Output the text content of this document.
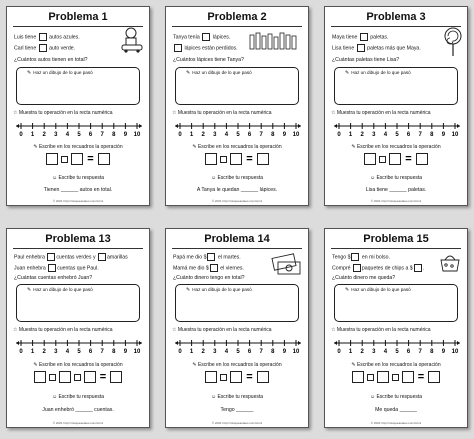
Problema 1
Luis tiene autos azules.
Carl tiene auto verde.
¿Cuántos autos tienen en total?
✎ Haz un dibujo de lo que pasó
☆ Muestra tu operación en la recta numérica
0 1 2 3 4 5 6 7 8 9 10
✎ Escribe en los recuadros la operación
=
☺ Escribe tu respuesta
Tienen ______ autos en total.
© 2021 http://misqueaulaes.com/mimi
Problema 2
Tanya tenía lápices.
lápices están perdidos.
¿Cuántos lápices tiene Tanya?
✎ Haz un dibujo de lo que pasó
☆ Muestra tu operación en la recta numérica
0 1 2 3 4 5 6 7 8 9 10
✎ Escribe en los recuadros la operación
=
☺ Escribe tu respuesta
A Tanya le quedan ______ lápices.
© 2021 http://misqueaulaes.com/mimi
Problema 3
Maya tiene paletas.
Lisa tiene paletas más que Maya.
¿Cuántas paletas tiene Lisa?
✎ Haz un dibujo de lo que pasó
☆ Muestra tu operación en la recta numérica
0 1 2 3 4 5 6 7 8 9 10
✎ Escribe en los recuadros la operación
=
☺ Escribe tu respuesta
Lisa tiene ______ paletas.
© 2021 http://misqueaulaes.com/mimi
Problema 13
Paul enhebra cuentas verdes y amarillas
Juan enhebra cuentas que Paul.
¿Cuántas cuentas enhebró Juan?
✎ Haz un dibujo de lo que pasó
☆ Muestra tu operación en la recta numérica
0 1 2 3 4 5 6 7 8 9 10
✎ Escribe en los recuadros la operación
=
☺ Escribe tu respuesta
Juan enhebró ______ cuentas.
© 2021 http://misqueaulaes.com/mimi
Problema 14
Papá me dio $ el martes.
Mamá me dio $ el viernes.
¿Cuánto dinero tengo en total?
✎ Haz un dibujo de lo que pasó
☆ Muestra tu operación en la recta numérica
0 1 2 3 4 5 6 7 8 9 10
✎ Escribe en los recuadros la operación
=
☺ Escribe tu respuesta
Tengo ______
© 2021 http://misqueaulaes.com/mimi
Problema 15
Tengo $ en mi bolso.
Compré paquetes de chips a $ .
¿Cuánto dinero me queda?
✎ Haz un dibujo de lo que pasó
☆ Muestra tu operación en la recta numérica
0 1 2 3 4 5 6 7 8 9 10
✎ Escribe en los recuadros la operación
=
☺ Escribe tu respuesta
Me queda ______
© 2021 http://misqueaulaes.com/mimi
